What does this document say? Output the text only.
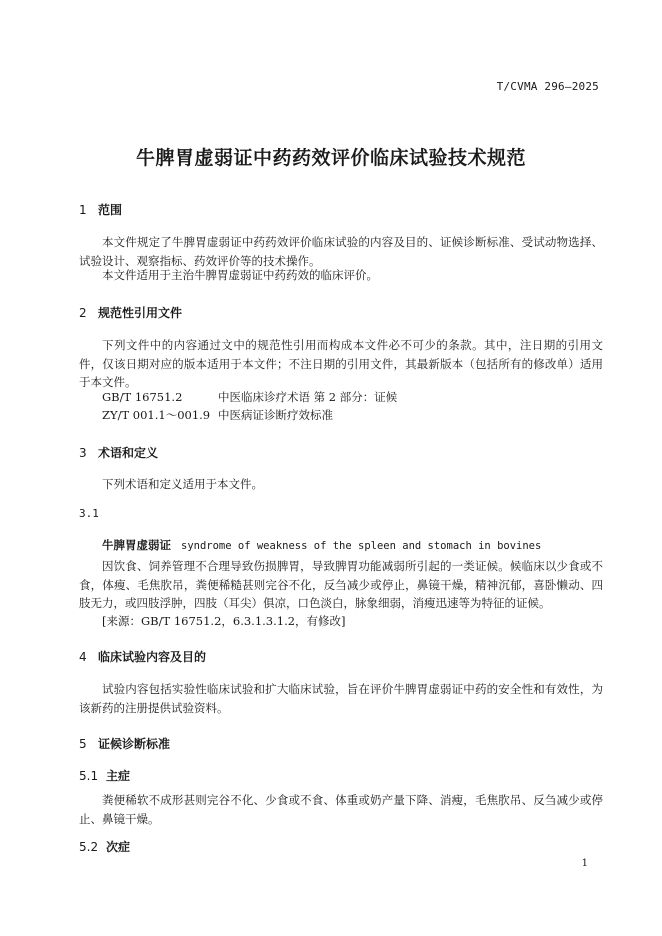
T/CVMA 296—2025
牛脾胃虚弱证中药药效评价临床试验技术规范
1 范围

本文件规定了牛脾胃虚弱证中药药效评价临床试验的内容及目的、证候诊断标准、受试动物选择、试验设计、观察指标、药效评价等的技术操作。

本文件适用于主治牛脾胃虚弱证中药药效的临床评价。

2 规范性引用文件

下列文件中的内容通过文中的规范性引用而构成本文件必不可少的条款。其中，注日期的引用文件，仅该日期对应的版本适用于本文件；不注日期的引用文件，其最新版本（包括所有的修改单）适用于本文件。

GB/T 16751.2	中医临床诊疗术语 第 2 部分：证候
ZY/T 001.1～001.9 中医病证诊断疗效标准
3 术语和定义

下列术语和定义适用于本文件。

3.1
牛脾胃虚弱证 syndrome of weakness of the spleen and stomach in bovines

因饮食、饲养管理不合理导致伤损脾胃，导致脾胃功能减弱所引起的一类证候。候临床以少食或不食，体瘦、毛焦肷吊，粪便稀糙甚则完谷不化，反刍减少或停止，鼻镜干燥，精神沉郁，喜卧懒动、四肢无力，或四肢浮肿，四肢（耳尖）俱凉，口色淡白，脉象细弱，消瘦迅速等为特征的证候。

[来源：GB/T 16751.2，6.3.1.3.1.2，有修改]
4 临床试验内容及目的

试验内容包括实验性临床试验和扩大临床试验，旨在评价牛脾胃虚弱证中药的安全性和有效性，为该新药的注册提供试验资料。

5 证候诊断标准
5.1 主症

粪便稀软不成形甚则完谷不化、少食或不食、体重或奶产量下降、消瘦，毛焦肷吊、反刍减少或停止、鼻镜干燥。

5.2 次症
1
